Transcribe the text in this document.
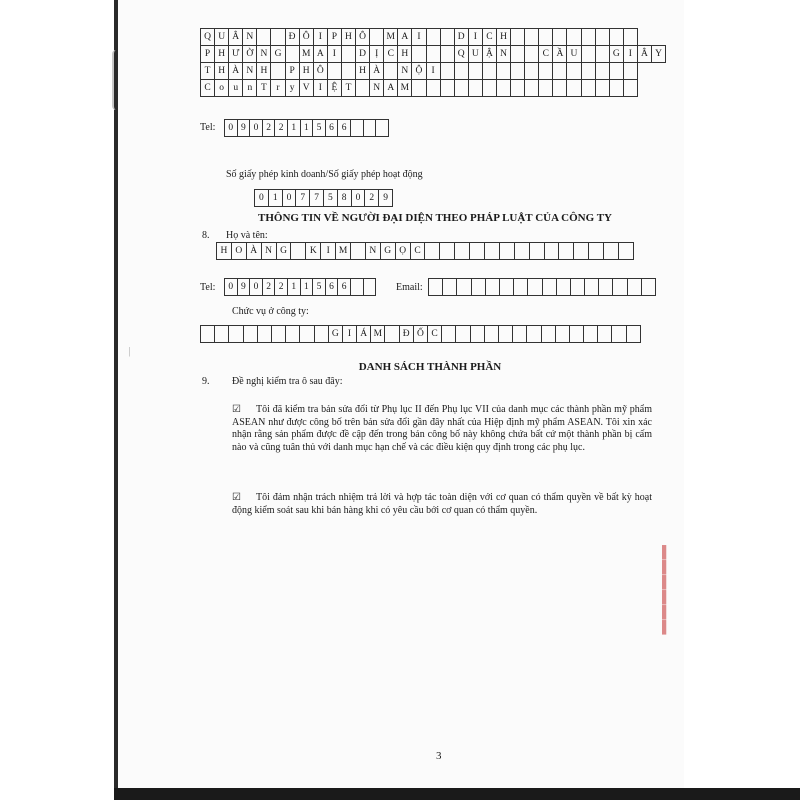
Q U Â N	Đ Ô I	P H Ô	M A I	D I C H
P H Ư Ờ N G	M A I	D Ị C H	Q U Ậ N	C Ầ U	G I Â Y
T H À N H	P H Ô	H À	N Ộ I
C o u n T	r	y V I	Ệ T	N A M
Tel:	0 9 0 2 2 1 1 5 6 6
Số giấy phép kinh doanh/Số giấy phép hoạt động
0 1 0 7 7 5 8 0 2 9
THÔNG TIN VỀ NGƯỜI ĐẠI DIỆN THEO PHÁP LUẬT CỦA CÔNG TY
8. Họ và tên:
H O À N G	K	I M	N G Ọ C
Tel:	0 9 0 2 2 1 1 5 6 6	Email:
Chức vụ ở công ty:
G I Á M	Đ Ố C
DANH SÁCH THÀNH PHẦN
9. Đề nghị kiểm tra ô sau đây:
☑	Tôi đã kiểm tra bản sửa đổi từ Phụ lục II đến Phụ lục VII của danh mục các thành phần mỹ phẩm ASEAN như được công bố trên bản sửa đổi gần đây nhất của Hiệp định mỹ phẩm ASEAN. Tôi xin xác nhận rằng sản phẩm được đề cập đến trong bản công bố này không chứa bất cứ một thành phần bị cấm nào và cũng tuân thủ với danh mục hạn chế và các điều kiện quy định trong các phụ lục.
☑	Tôi đảm nhận trách nhiệm trả lời và hợp tác toàn diện với cơ quan có thẩm quyền về bất kỳ hoạt động kiểm soát sau khi bán hàng khi có yêu cầu bởi cơ quan có thẩm quyền.
3
▌
▌
▌
▌
▌
▌
|
